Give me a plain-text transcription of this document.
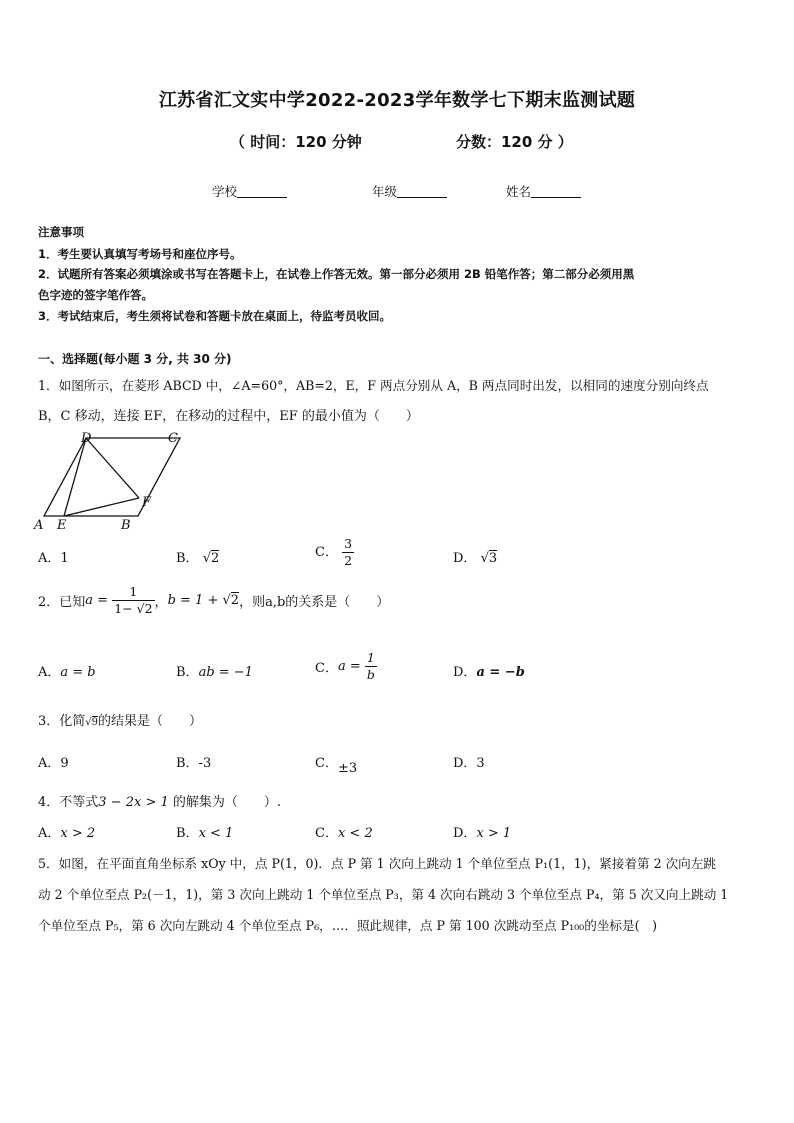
江苏省汇文实中学2022-2023学年数学七下期末监测试题
（ 时间：120 分钟	分数：120 分 ）
学校	年级	姓名
注意事项
1．考生要认真填写考场号和座位序号。
2．试题所有答案必须填涂或书写在答题卡上，在试卷上作答无效。第一部分必须用 2B 铅笔作答；第二部分必须用黑
色字迹的签字笔作答。
3．考试结束后，考生须将试卷和答题卡放在桌面上，待监考员收回。
一、选择题(每小题 3 分, 共 30 分)
1．如图所示，在菱形 ABCD 中，∠A=60°，AB=2，E，F 两点分别从 A，B 两点同时出发，以相同的速度分别向终点
B，C 移动，连接 EF，在移动的过程中，EF 的最小值为（　　）
A E	B
D	C
F
A．1	B． √2	C． $\frac{3}{2}$	D． √3
2．已知$a = \frac{1}{1- √2}$ ，b = 1 + √2，则a,b的关系是（　　）
A．a = b	B．ab = −1	C．$a = \frac{1}{b}$	D．a = −b
3．化简√9的结果是（　　）
A．9	B．-3	C．±3	D．3
4．不等式3 − 2x > 1 的解集为（　　）.
A．x > 2	B．x < 1	C．x < 2	D．x > 1
5．如图，在平面直角坐标系 xOy 中，点 P(1，0)．点 P 第 1 次向上跳动 1 个单位至点 P₁(1，1)，紧接着第 2 次向左跳
动 2 个单位至点 P₂(－1，1)，第 3 次向上跳动 1 个单位至点 P₃，第 4 次向右跳动 3 个单位至点 P₄，第 5 次又向上跳动 1
个单位至点 P₅，第 6 次向左跳动 4 个单位至点 P₆，…．照此规律，点 P 第 100 次跳动至点 P₁₀₀的坐标是(　)
